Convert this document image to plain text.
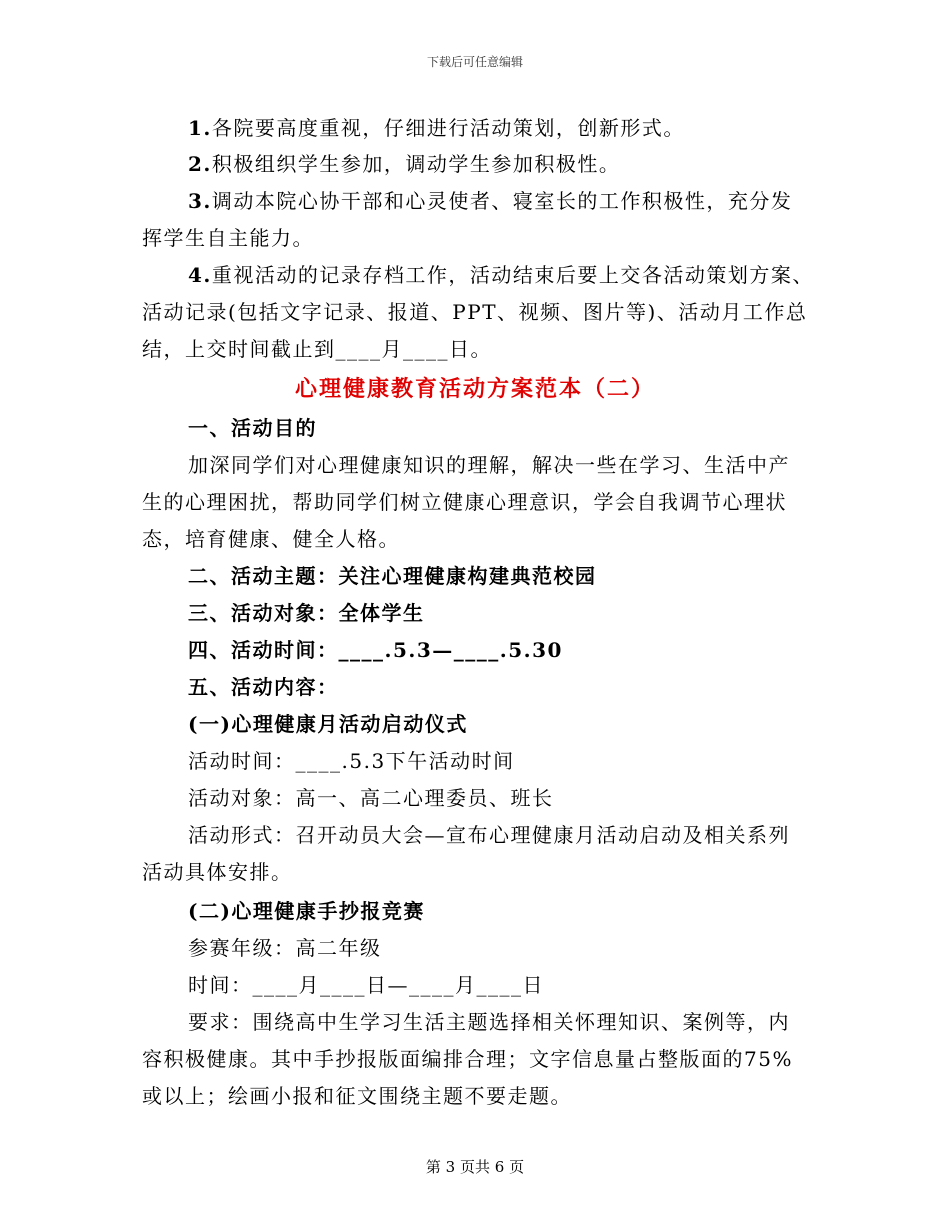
下载后可任意编辑
1.各院要高度重视，仔细进行活动策划，创新形式。
2.积极组织学生参加，调动学生参加积极性。
3.调动本院心协干部和心灵使者、寝室长的工作积极性，充分发
挥学生自主能力。
4.重视活动的记录存档工作，活动结束后要上交各活动策划方案、
活动记录(包括文字记录、报道、PPT、视频、图片等)、活动月工作总
结，上交时间截止到____月____日。
心理健康教育活动方案范本（二）
一、活动目的
加深同学们对心理健康知识的理解，解决一些在学习、生活中产
生的心理困扰，帮助同学们树立健康心理意识，学会自我调节心理状
态，培育健康、健全人格。
二、活动主题：关注心理健康构建典范校园
三、活动对象：全体学生
四、活动时间：____.5.3—____.5.30
五、活动内容：
(一)心理健康月活动启动仪式
活动时间：____.5.3下午活动时间
活动对象：高一、高二心理委员、班长
活动形式：召开动员大会—宣布心理健康月活动启动及相关系列
活动具体安排。
(二)心理健康手抄报竞赛
参赛年级：高二年级
时间：____月____日—____月____日
要求：围绕高中生学习生活主题选择相关怀理知识、案例等，内
容积极健康。其中手抄报版面编排合理；文字信息量占整版面的75%
或以上；绘画小报和征文围绕主题不要走题。
第 3 页共 6 页
